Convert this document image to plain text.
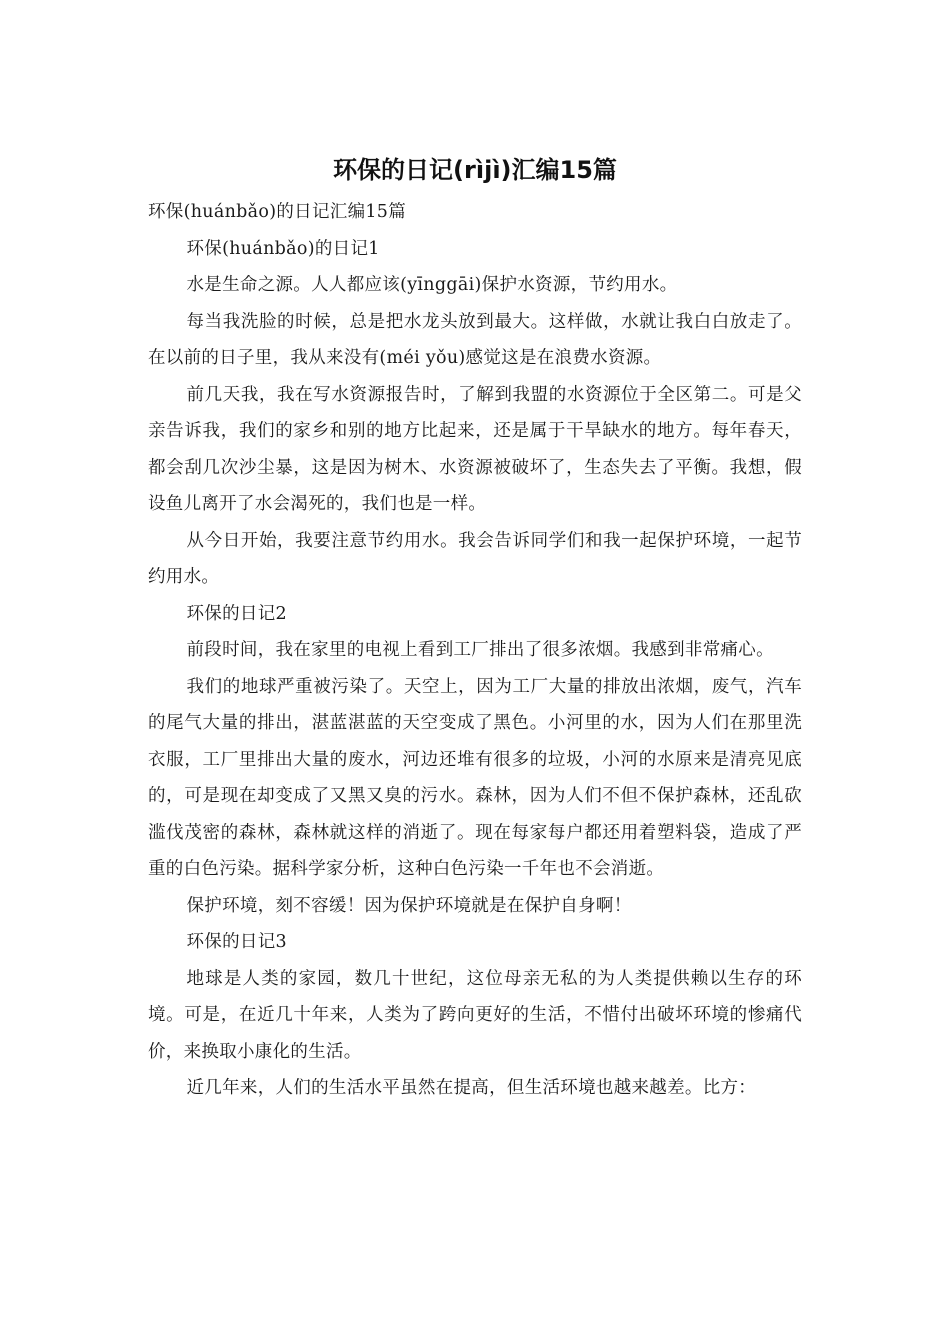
环保的日记(rìjì)汇编15篇

环保(huánbǎo)的日记汇编15篇

环保(huánbǎo)的日记1

水是生命之源。人人都应该(yīnggāi)保护水资源，节约用水。

每当我洗脸的时候，总是把水龙头放到最大。这样做，水就让我白白放走了。在以前的日子里，我从来没有(méi yǒu)感觉这是在浪费水资源。

前几天我，我在写水资源报告时，了解到我盟的水资源位于全区第二。可是父亲告诉我，我们的家乡和别的地方比起来，还是属于干旱缺水的地方。每年春天，都会刮几次沙尘暴，这是因为树木、水资源被破坏了，生态失去了平衡。我想，假设鱼儿离开了水会渴死的，我们也是一样。

从今日开始，我要注意节约用水。我会告诉同学们和我一起保护环境，一起节约用水。

环保的日记2

前段时间，我在家里的电视上看到工厂排出了很多浓烟。我感到非常痛心。

我们的地球严重被污染了。天空上，因为工厂大量的排放出浓烟，废气，汽车的尾气大量的排出，湛蓝湛蓝的天空变成了黑色。小河里的水，因为人们在那里洗衣服，工厂里排出大量的废水，河边还堆有很多的垃圾，小河的水原来是清亮见底的，可是现在却变成了又黑又臭的污水。森林，因为人们不但不保护森林，还乱砍滥伐茂密的森林，森林就这样的消逝了。现在每家每户都还用着塑料袋，造成了严重的白色污染。据科学家分析，这种白色污染一千年也不会消逝。

保护环境，刻不容缓！因为保护环境就是在保护自身啊！

环保的日记3

地球是人类的家园，数几十世纪，这位母亲无私的为人类提供赖以生存的环境。可是，在近几十年来，人类为了跨向更好的生活，不惜付出破坏环境的惨痛代价，来换取小康化的生活。

近几年来，人们的生活水平虽然在提高，但生活环境也越来越差。比方：
